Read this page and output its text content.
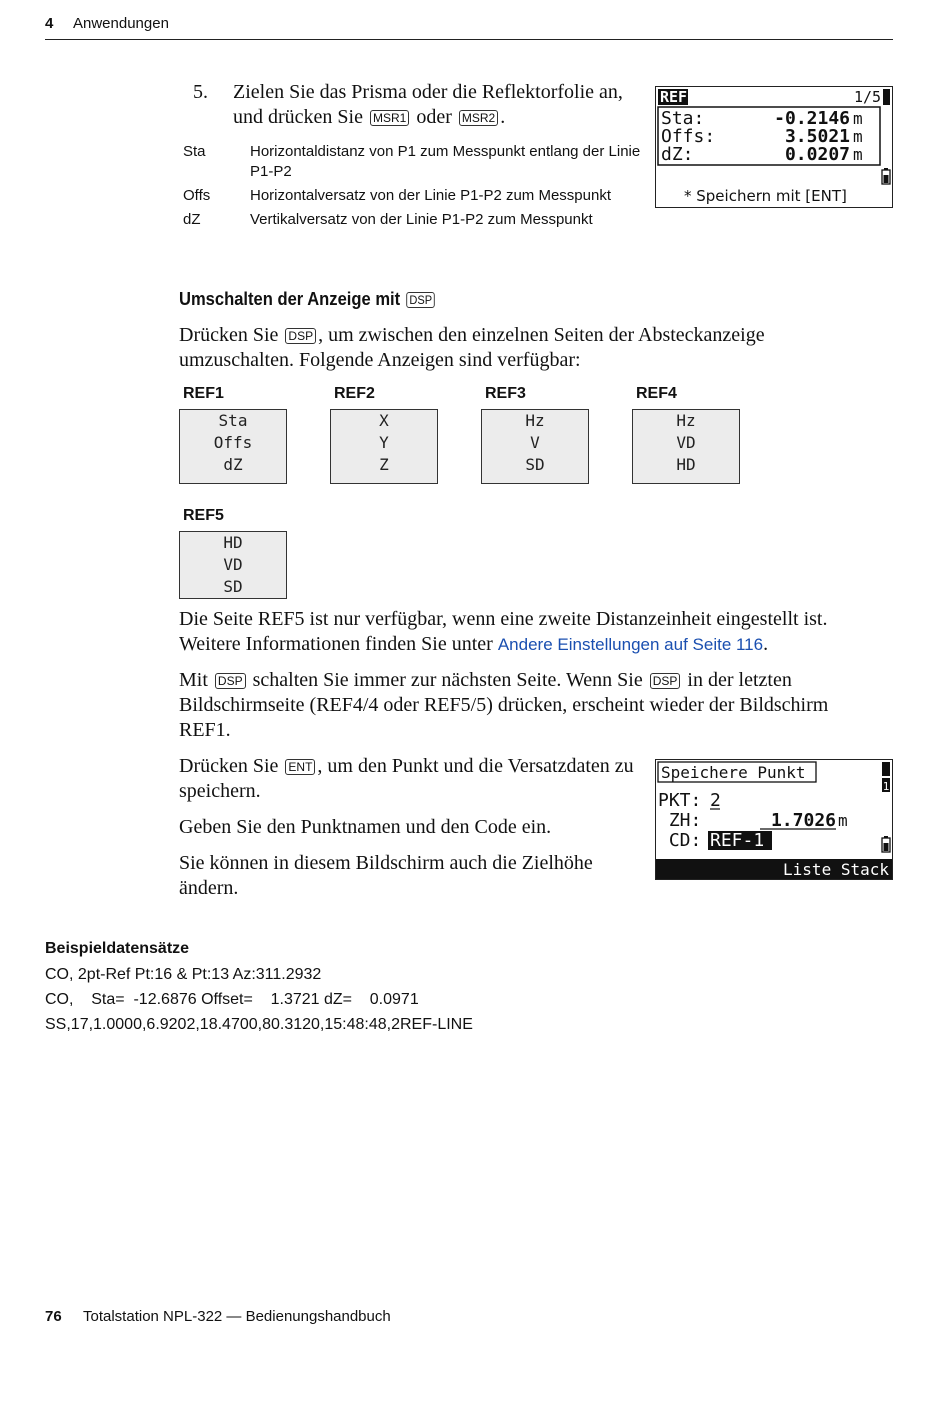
4 Anwendungen
5. Zielen Sie das Prisma oder die Reflektorfolie an, und drücken Sie MSR1 oder MSR2 .
Sta	Horizontaldistanz von P1 zum Messpunkt entlang der Linie P1-P2
Offs	Horizontalversatz von der Linie P1-P2 zum Messpunkt
dZ	Vertikalversatz von der Linie P1-P2 zum Messpunkt
REF	1/5
Sta:	-0.2146 m
Offs:	3.5021 m
dZ:	0.0207 m
* Speichern mit [ENT]
Umschalten der Anzeige mit DSP
Drücken Sie DSP , um zwischen den einzelnen Seiten der Absteckanzeige umzuschalten. Folgende Anzeigen sind verfügbar:
REF1
Sta
Offs
dZ
REF2
X
Y
Z
REF3
Hz
V
SD
REF4
Hz
VD
HD
REF5
HD
VD
SD
Die Seite REF5 ist nur verfügbar, wenn eine zweite Distanzeinheit eingestellt ist. Weitere Informationen finden Sie unter Andere Einstellungen auf Seite 116.
Mit DSP schalten Sie immer zur nächsten Seite. Wenn Sie DSP in der letzten Bildschirmseite (REF4/4 oder REF5/5) drücken, erscheint wieder der Bildschirm REF1.
Drücken Sie ENT , um den Punkt und die Versatzdaten zu speichern.
Geben Sie den Punktnamen und den Code ein.
Sie können in diesem Bildschirm auch die Zielhöhe ändern.
Speichere Punkt
1
PKT: 2
ZH:	1.7026 m
CD: REF-1
Liste Stack
Beispieldatensätze
CO, 2pt-Ref Pt:16 & Pt:13 Az:311.2932
CO,    Sta=  -12.6876 Offset=    1.3721 dZ=    0.0971
SS,17,1.0000,6.9202,18.4700,80.3120,15:48:48,2REF-LINE
76 Totalstation NPL-322 — Bedienungshandbuch
